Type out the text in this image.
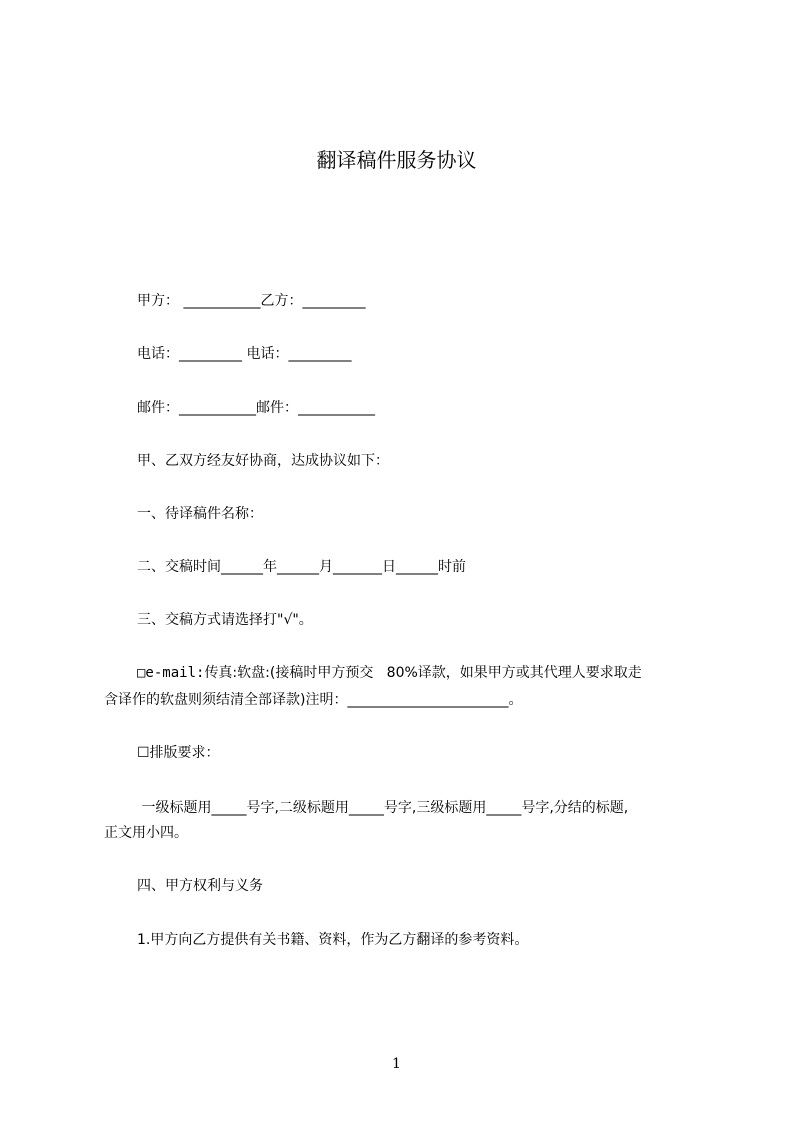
翻译稿件服务协议
甲方： ___________乙方：_________
电话：_________ 电话：_________
邮件：___________邮件：___________
甲、乙双方经友好协商，达成协议如下：
一、待译稿件名称：
二、交稿时间______年______月_______日______时前
三、交稿方式请选择打"√"。
□e-mail:传真:软盘:(接稿时甲方预交   80%译款，如果甲方或其代理人要求取走
含译作的软盘则须结清全部译款)注明：_______________________。
☐排版要求：
一级标题用_____号字,二级标题用_____号字,三级标题用_____号字,分结的标题,
正文用小四。
四、甲方权利与义务
1.甲方向乙方提供有关书籍、资料，作为乙方翻译的参考资料。
1
